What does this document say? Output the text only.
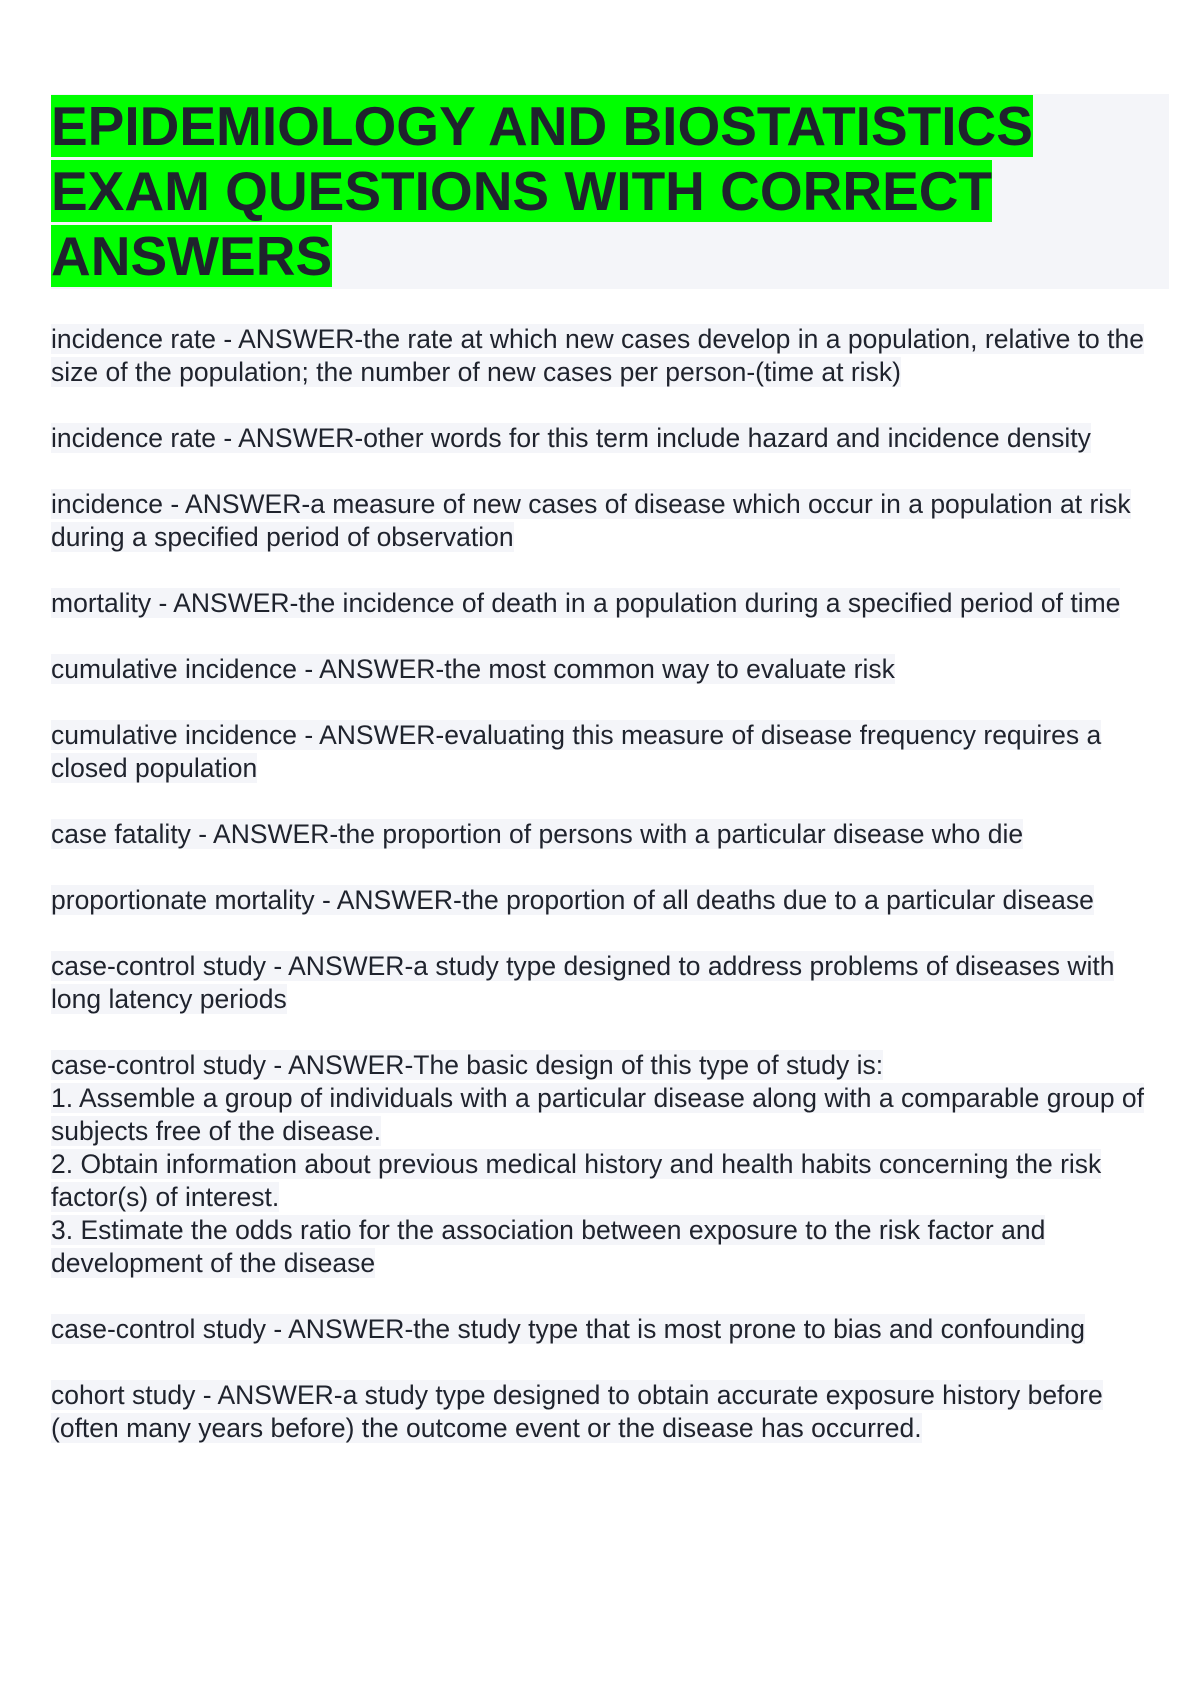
EPIDEMIOLOGY AND BIOSTATISTICS
EXAM QUESTIONS WITH CORRECT
ANSWERS
incidence rate - ANSWER-the rate at which new cases develop in a population, relative to the size of the population; the number of new cases per person-(time at risk)
incidence rate - ANSWER-other words for this term include hazard and incidence density
incidence - ANSWER-a measure of new cases of disease which occur in a population at risk during a specified period of observation
mortality - ANSWER-the incidence of death in a population during a specified period of time
cumulative incidence - ANSWER-the most common way to evaluate risk
cumulative incidence - ANSWER-evaluating this measure of disease frequency requires a closed population
case fatality - ANSWER-the proportion of persons with a particular disease who die
proportionate mortality - ANSWER-the proportion of all deaths due to a particular disease
case-control study - ANSWER-a study type designed to address problems of diseases with long latency periods
case-control study - ANSWER-The basic design of this type of study is:
1. Assemble a group of individuals with a particular disease along with a comparable group of subjects free of the disease.
2. Obtain information about previous medical history and health habits concerning the risk factor(s) of interest.
3. Estimate the odds ratio for the association between exposure to the risk factor and development of the disease
case-control study - ANSWER-the study type that is most prone to bias and confounding
cohort study - ANSWER-a study type designed to obtain accurate exposure history before (often many years before) the outcome event or the disease has occurred.
